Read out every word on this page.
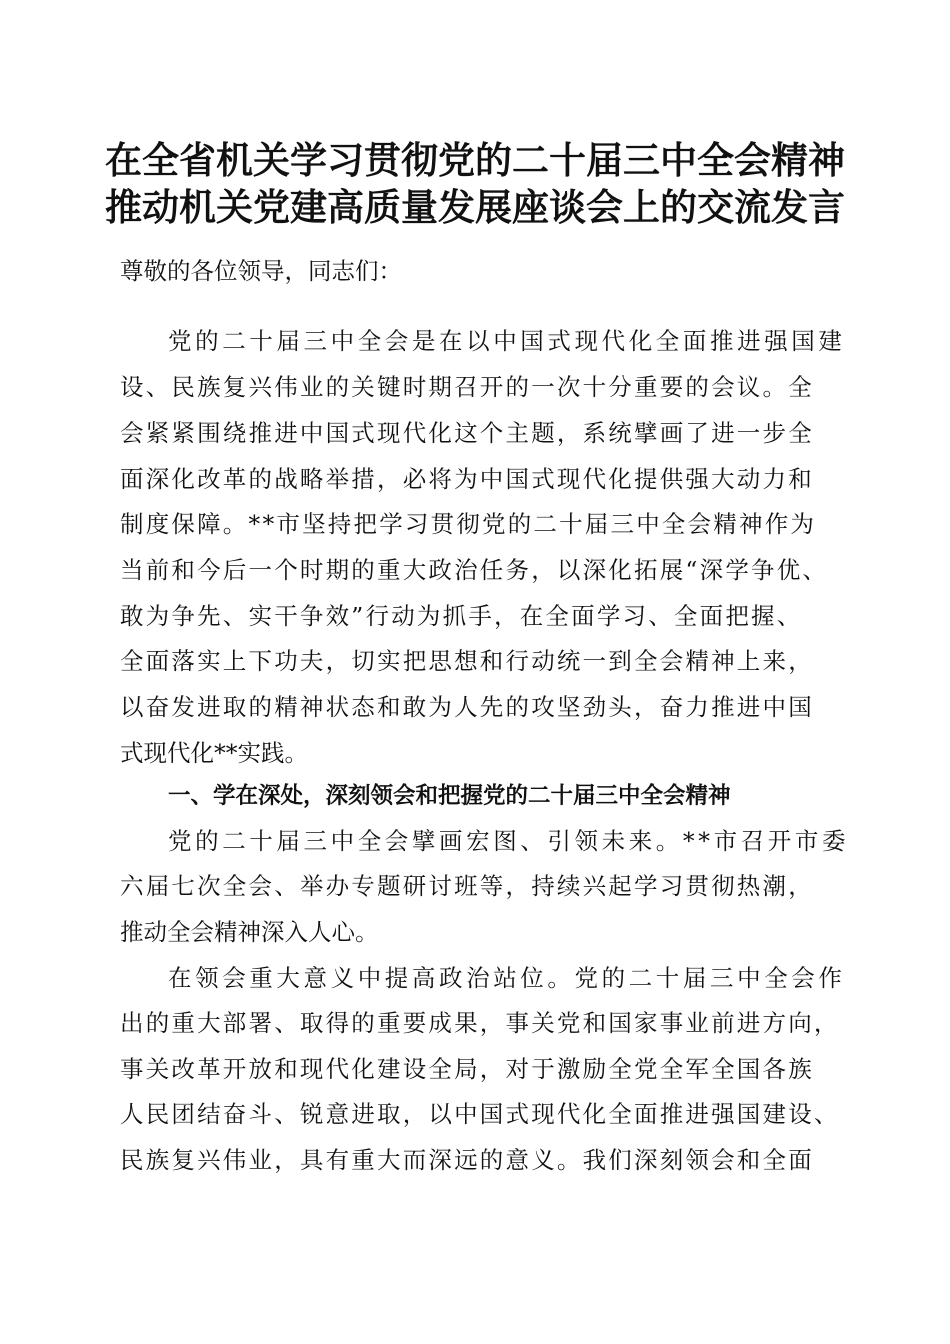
在全省机关学习贯彻党的二十届三中全会精神
推动机关党建高质量发展座谈会上的交流发言
尊敬的各位领导，同志们：
党的二十届三中全会是在以中国式现代化全面推进强国建
设、民族复兴伟业的关键时期召开的一次十分重要的会议。全
会紧紧围绕推进中国式现代化这个主题，系统擘画了进一步全
面深化改革的战略举措，必将为中国式现代化提供强大动力和
制度保障。**市坚持把学习贯彻党的二十届三中全会精神作为
当前和今后一个时期的重大政治任务，以深化拓展“深学争优、
敢为争先、实干争效”行动为抓手，在全面学习、全面把握、
全面落实上下功夫，切实把思想和行动统一到全会精神上来，
以奋发进取的精神状态和敢为人先的攻坚劲头，奋力推进中国
式现代化**实践。
一、学在深处，深刻领会和把握党的二十届三中全会精神
党的二十届三中全会擘画宏图、引领未来。**市召开市委
六届七次全会、举办专题研讨班等，持续兴起学习贯彻热潮，
推动全会精神深入人心。
在领会重大意义中提高政治站位。党的二十届三中全会作
出的重大部署、取得的重要成果，事关党和国家事业前进方向，
事关改革开放和现代化建设全局，对于激励全党全军全国各族
人民团结奋斗、锐意进取，以中国式现代化全面推进强国建设、
民族复兴伟业，具有重大而深远的意义。我们深刻领会和全面
